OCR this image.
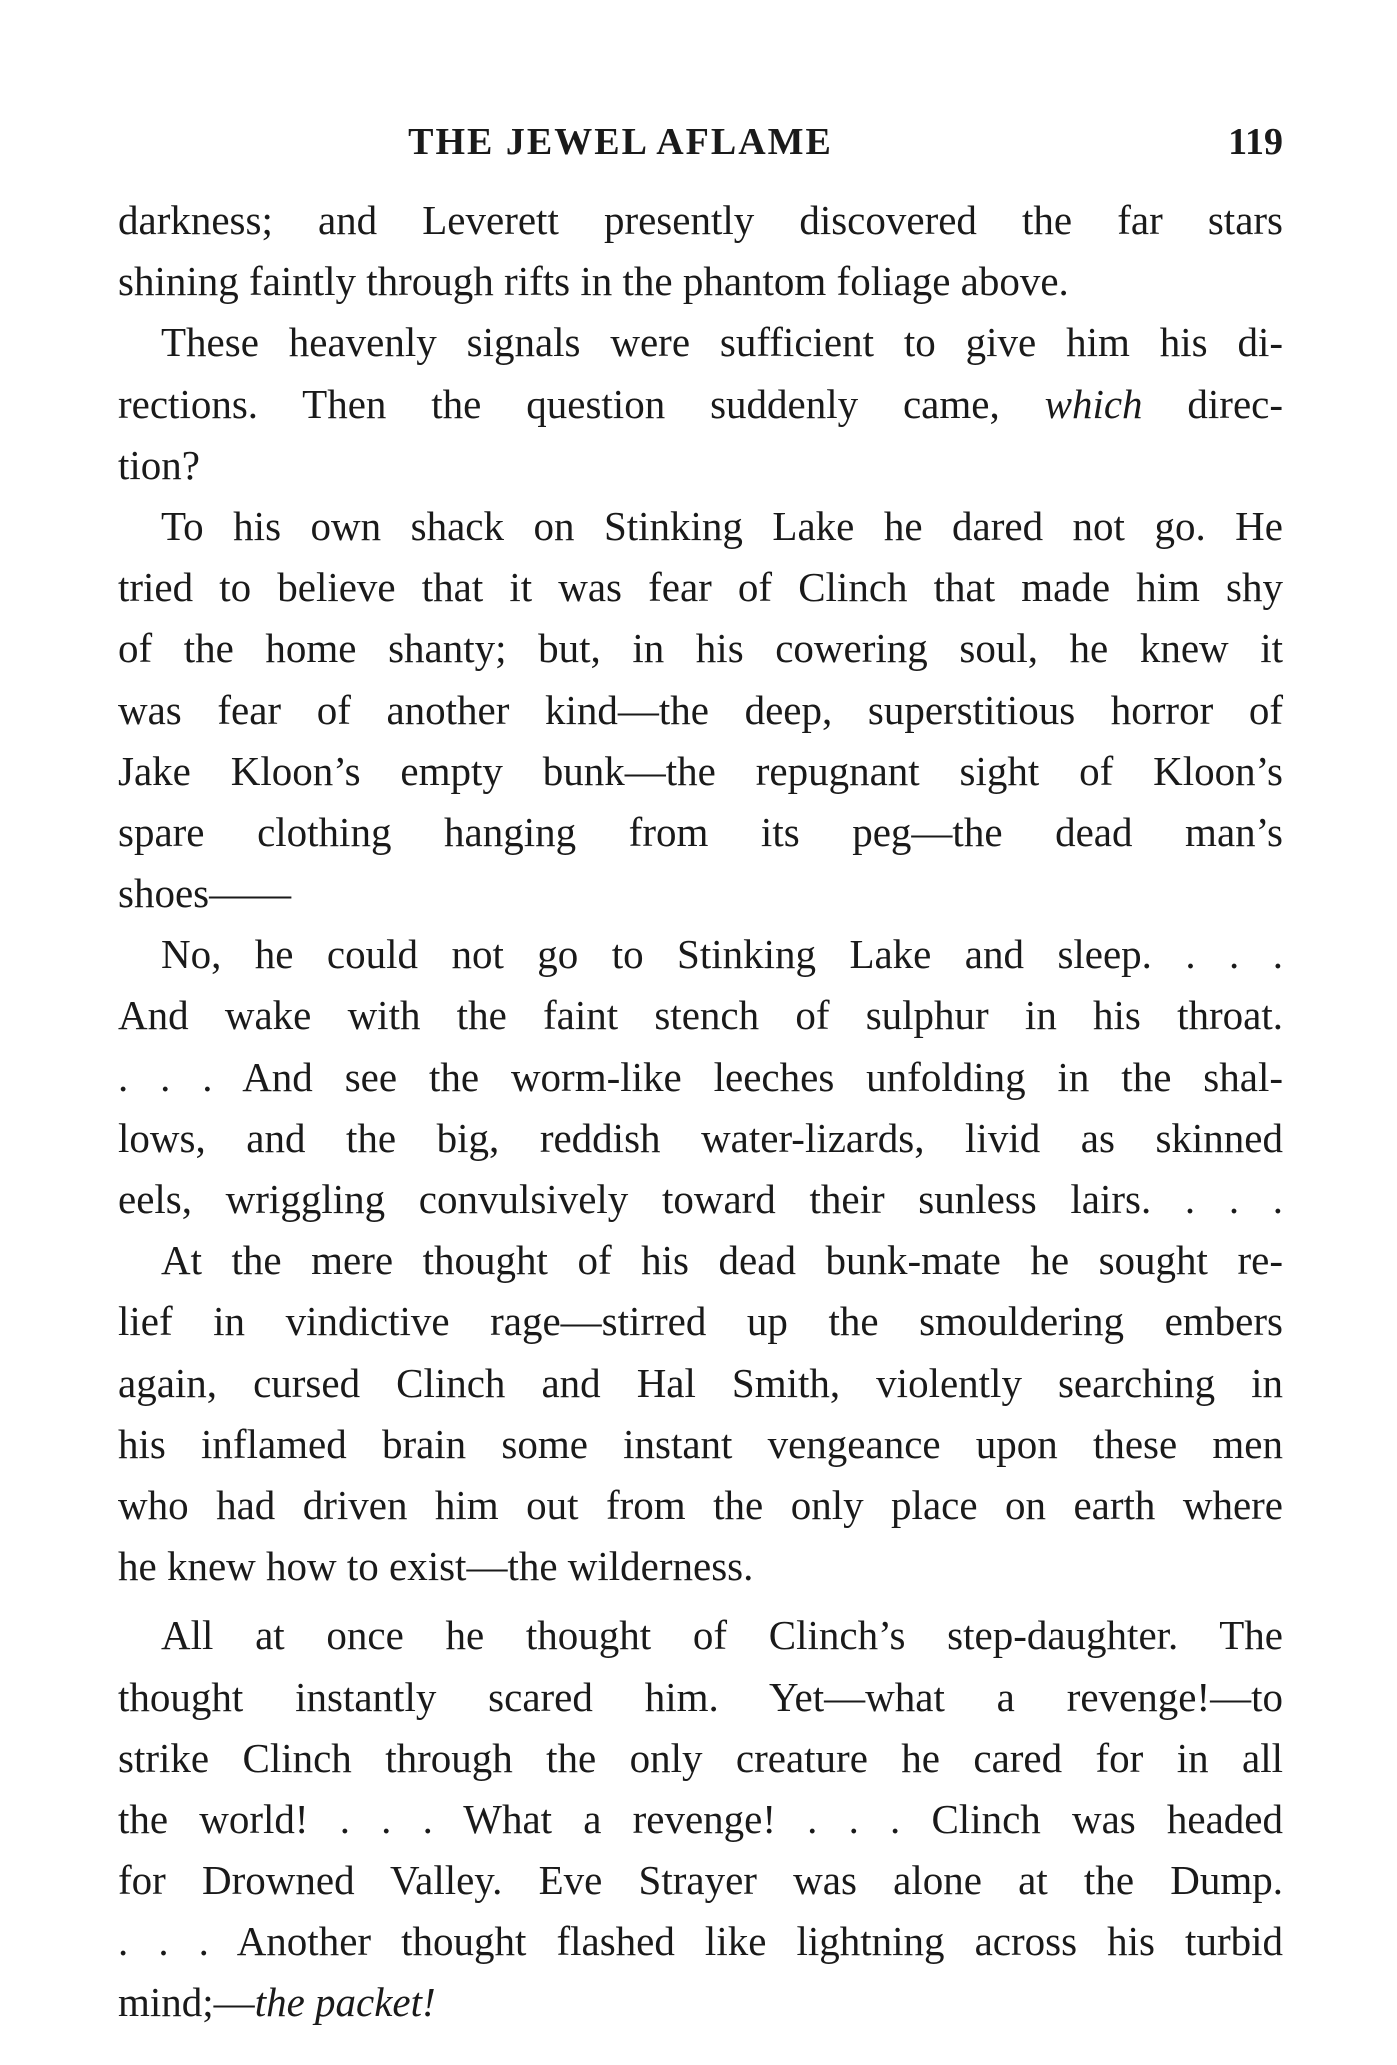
THE JEWEL AFLAME	119
darkness; and Leverett presently discovered the far stars
shining faintly through rifts in the phantom foliage above.
These heavenly signals were sufficient to give him his di-
rections. Then the question suddenly came, which direc-
tion?
To his own shack on Stinking Lake he dared not go. He
tried to believe that it was fear of Clinch that made him shy
of the home shanty; but, in his cowering soul, he knew it
was fear of another kind—the deep, superstitious horror of
Jake Kloon’s empty bunk—the repugnant sight of Kloon’s
spare clothing hanging from its peg—the dead man’s
shoes——
No, he could not go to Stinking Lake and sleep. . . .
And wake with the faint stench of sulphur in his throat.
. . . And see the worm-like leeches unfolding in the shal-
lows, and the big, reddish water-lizards, livid as skinned
eels, wriggling convulsively toward their sunless lairs. . . .
At the mere thought of his dead bunk-mate he sought re-
lief in vindictive rage—stirred up the smouldering embers
again, cursed Clinch and Hal Smith, violently searching in
his inflamed brain some instant vengeance upon these men
who had driven him out from the only place on earth where
he knew how to exist—the wilderness.
All at once he thought of Clinch’s step-daughter. The
thought instantly scared him. Yet—what a revenge!—to
strike Clinch through the only creature he cared for in all
the world! . . . What a revenge! . . . Clinch was headed
for Drowned Valley. Eve Strayer was alone at the Dump.
. . . Another thought flashed like lightning across his turbid
mind;—the packet!
